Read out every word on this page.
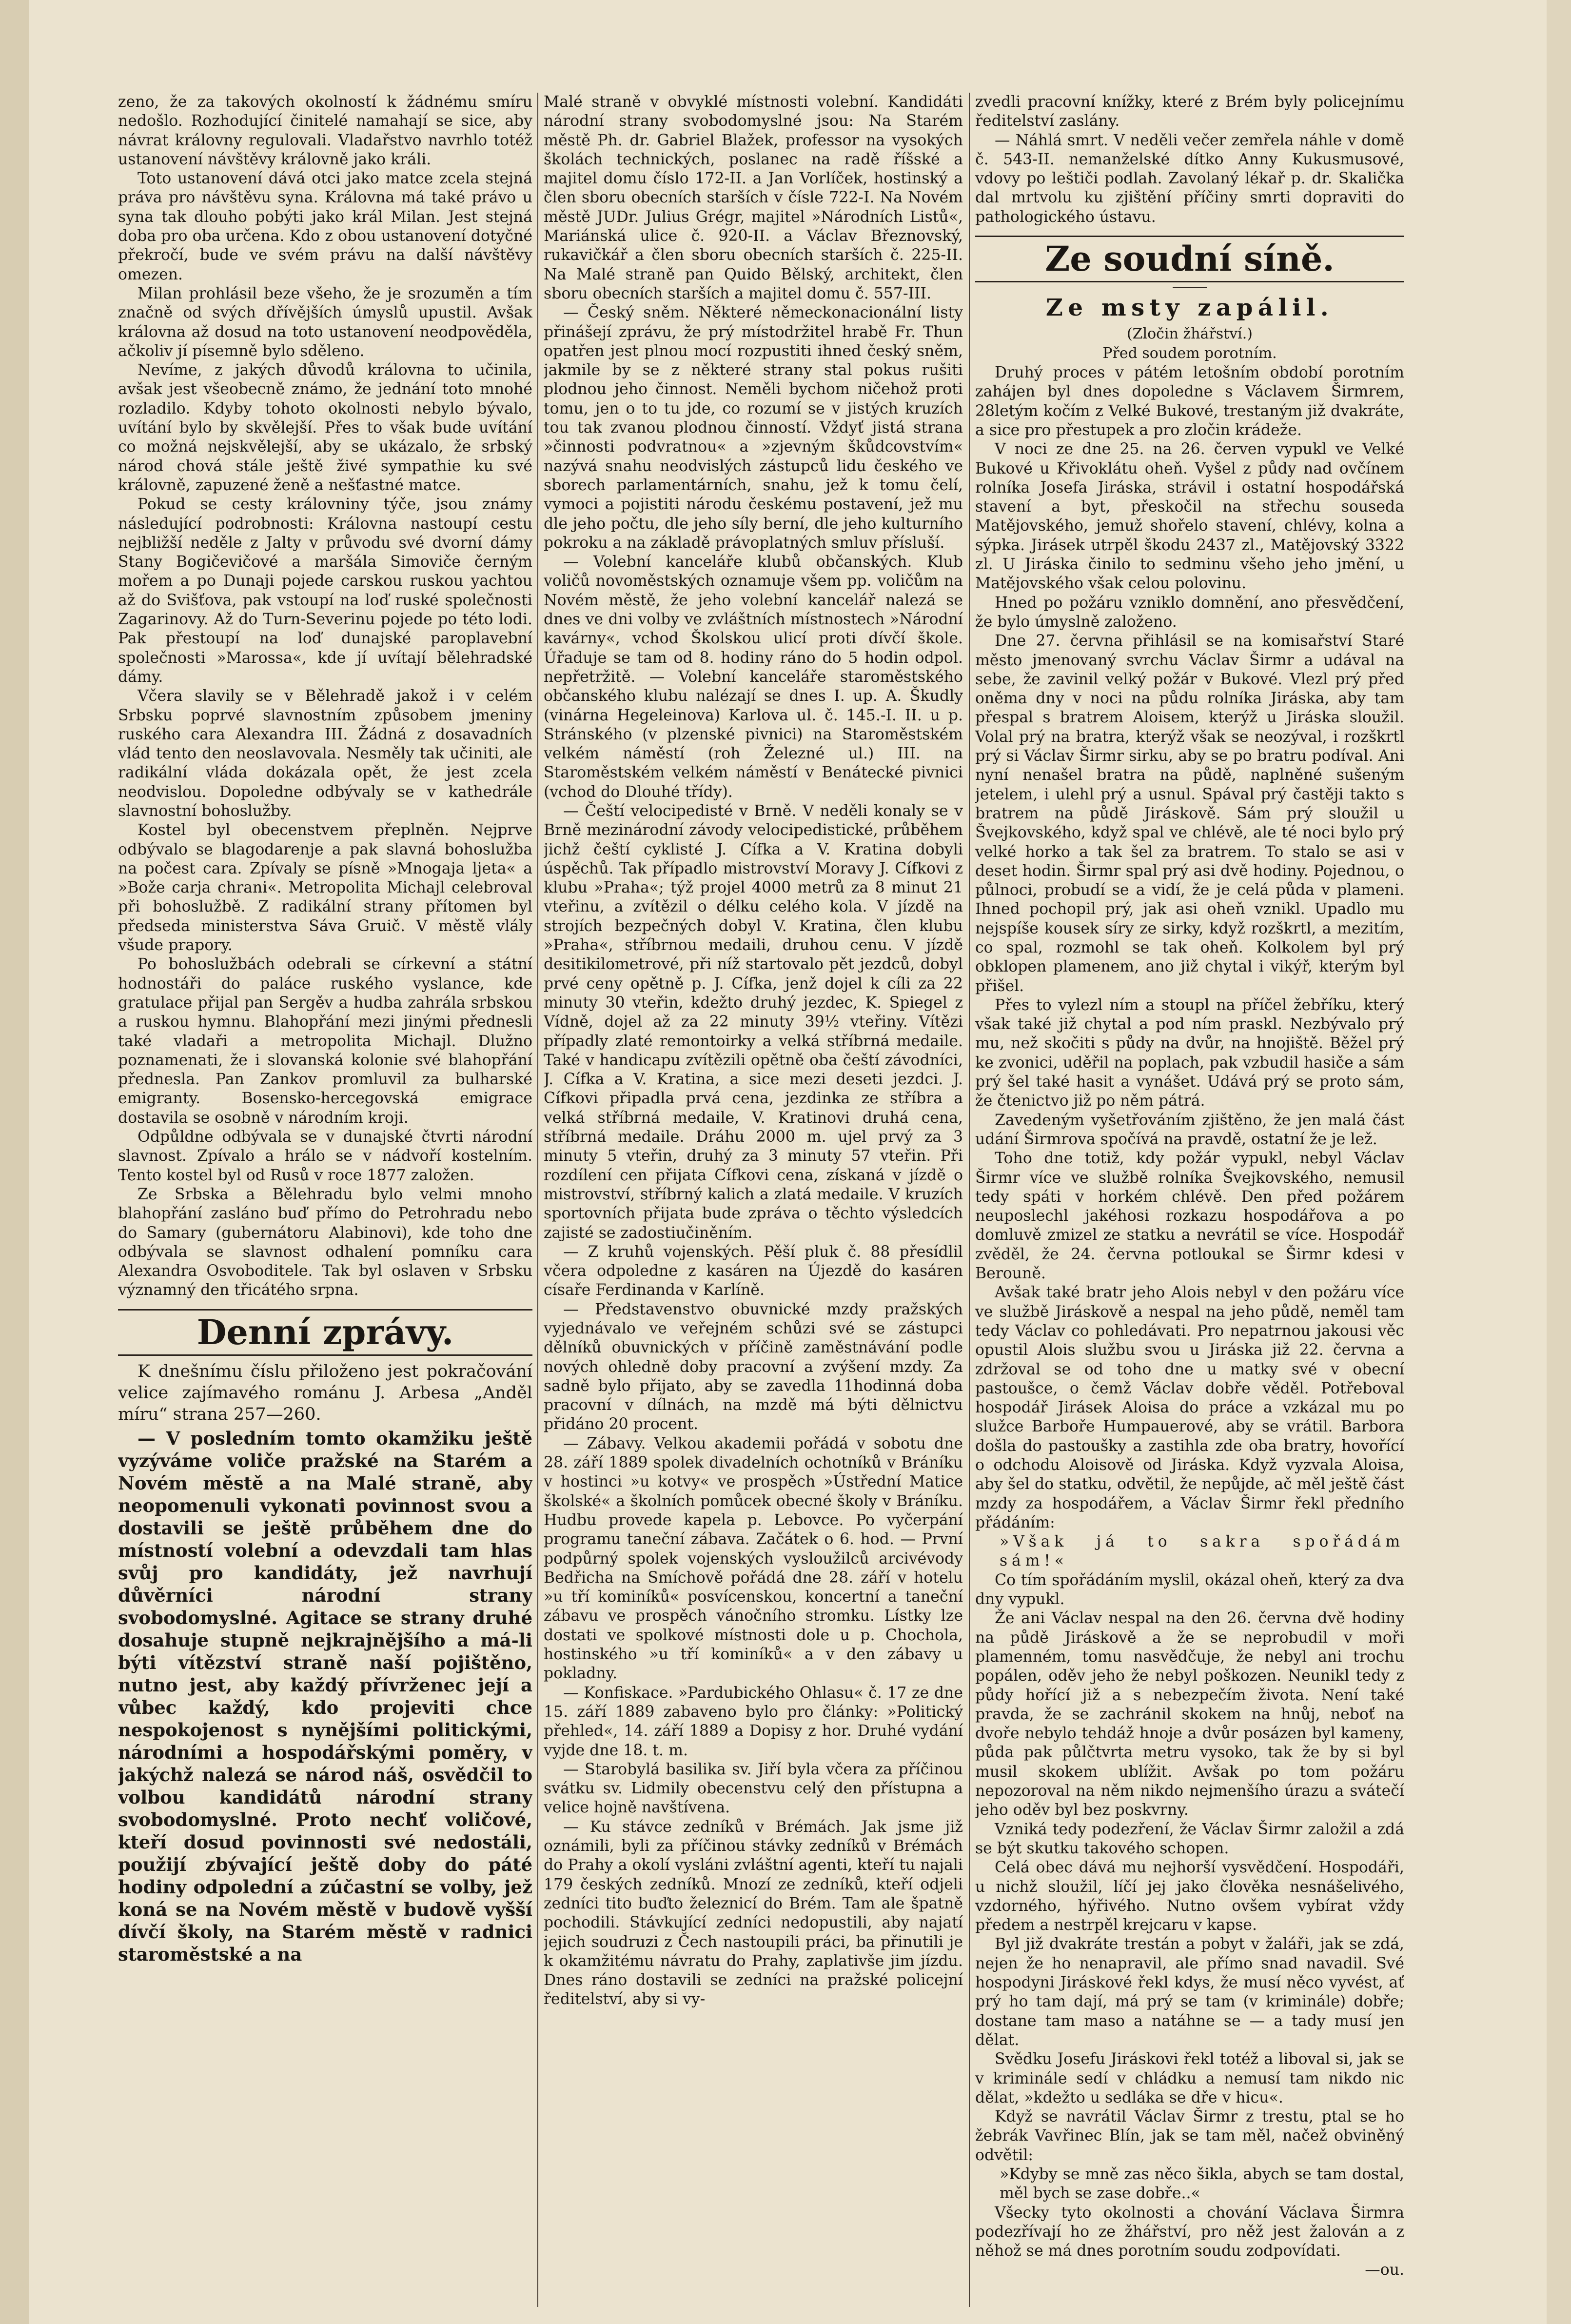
zeno, že za takových okolností k žádnému smíru nedošlo. Rozhodující činitelé namahají se sice, aby návrat královny regulovali. Vladařstvo navrhlo totéž ustanovení návštěvy královně jako králi.

Toto ustanovení dává otci jako matce zcela stejná práva pro návštěvu syna. Královna má také právo u syna tak dlouho pobýti jako král Milan. Jest stejná doba pro oba určena. Kdo z obou ustanovení dotyčné překročí, bude ve svém právu na další návštěvy omezen.

Milan prohlásil beze všeho, že je srozuměn a tím značně od svých dřívějších úmyslů upustil. Avšak královna až dosud na toto ustanovení neodpověděla, ačkoliv jí písemně bylo sděleno.

Nevíme, z jakých důvodů královna to učinila, avšak jest všeobecně známo, že jednání toto mnohé rozladilo. Kdyby tohoto okolnosti nebylo bývalo, uvítání bylo by skvělejší. Přes to však bude uvítání co možná nejskvělejší, aby se ukázalo, že srbský národ chová stále ještě živé sympathie ku své královně, zapuzené ženě a nešťastné matce.

Pokud se cesty královniny týče, jsou známy následující podrobnosti: Královna nastoupí cestu nejbližší neděle z Jalty v průvodu své dvorní dámy Stany Bogičevičové a maršála Simoviče černým mořem a po Dunaji pojede carskou ruskou yachtou až do Svišťova, pak vstoupí na loď ruské společnosti Zagarinovy. Až do Turn-Severinu pojede po této lodi. Pak přestoupí na loď dunajské paroplavební společnosti »Marossa«, kde jí uvítají bělehradské dámy.

Včera slavily se v Bělehradě jakož i v celém Srbsku poprvé slavnostním způsobem jmeniny ruského cara Alexandra III. Žádná z dosavadních vlád tento den neoslavovala. Nesměly tak učiniti, ale radikální vláda dokázala opět, že jest zcela neodvislou. Dopoledne odbývaly se v kathedrále slavnostní bohoslužby.

Kostel byl obecenstvem přeplněn. Nejprve odbývalo se blagodarenje a pak slavná bohoslužba na počest cara. Zpívaly se písně »Mnogaja ljeta« a »Bože carja chrani«. Metropolita Michajl celebroval při bohoslužbě. Z radikální strany přítomen byl předseda ministerstva Sáva Gruič. V městě vlály všude prapory.

Po bohoslužbách odebrali se církevní a státní hodnostáři do paláce ruského vyslance, kde gratulace přijal pan Sergěv a hudba zahrála srbskou a ruskou hymnu. Blahopřání mezi jinými přednesli také vladaři a metropolita Michajl. Dlužno poznamenati, že i slovanská kolonie své blahopřání přednesla. Pan Zankov promluvil za bulharské emigranty. Bosensko-hercegovská emigrace dostavila se osobně v národním kroji.

Odpůldne odbývala se v dunajské čtvrti národní slavnost. Zpívalo a hrálo se v nádvoří kostelním. Tento kostel byl od Rusů v roce 1877 založen.

Ze Srbska a Bělehradu bylo velmi mnoho blahopřání zasláno buď přímo do Petrohradu nebo do Samary (gubernátoru Alabinovi), kde toho dne odbývala se slavnost odhalení pomníku cara Alexandra Osvoboditele. Tak byl oslaven v Srbsku významný den třicátého srpna.

Denní zprávy.

K dnešnímu číslu přiloženo jest pokračování velice zajímavého románu J. Arbesa „Anděl míru“ strana 257—260.

— V posledním tomto okamžiku ještě vyzýváme voliče pražské na Starém a Novém městě a na Malé straně, aby neopomenuli vykonati povinnost svou a dostavili se ještě průběhem dne do místností volební a odevzdali tam hlas svůj pro kandidáty, jež navrhují důvěrníci národní strany svobodomyslné. Agitace se strany druhé dosahuje stupně nejkrajnějšího a má-li býti vítězství straně naší pojištěno, nutno jest, aby každý přívrženec její a vůbec každý, kdo projeviti chce nespokojenost s nynějšími politickými, národními a hospodářskými poměry, v jakýchž nalezá se národ náš, osvědčil to volbou kandidátů národní strany svobodomyslné. Proto nechť voličové, kteří dosud povinnosti své nedostáli, použijí zbývající ještě doby do páté hodiny odpolední a zúčastní se volby, jež koná se na Novém městě v budově vyšší dívčí školy, na Starém městě v radnici staroměstské a na

Malé straně v obvyklé místnosti volební. Kandidáti národní strany svobodomyslné jsou: Na Starém městě Ph. dr. Gabriel Blažek, professor na vysokých školách technických, poslanec na radě říšské a majitel domu číslo 172-II. a Jan Vorlíček, hostinský a člen sboru obecních starších v čísle 722-I. Na Novém městě JUDr. Julius Grégr, majitel »Národních Listů«, Mariánská ulice č. 920-II. a Václav Březnovský, rukavičkář a člen sboru obecních starších č. 225-II. Na Malé straně pan Quido Bělský, architekt, člen sboru obecních starších a majitel domu č. 557-III.

— Český sněm. Některé německonacionální listy přinášejí zprávu, že prý místodržitel hrabě Fr. Thun opatřen jest plnou mocí rozpustiti ihned český sněm, jakmile by se z některé strany stal pokus rušiti plodnou jeho činnost. Neměli bychom ničehož proti tomu, jen o to tu jde, co rozumí se v jistých kruzích tou tak zvanou plodnou činností. Vždyť jistá strana »činnosti podvratnou« a »zjevným škůdcovstvím« nazývá snahu neodvislých zástupců lidu českého ve sborech parlamentárních, snahu, jež k tomu čelí, vymoci a pojistiti národu českému postavení, jež mu dle jeho počtu, dle jeho síly berní, dle jeho kulturního pokroku a na základě právoplatných smluv přísluší.

— Volební kanceláře klubů občanských. Klub voličů novoměstských oznamuje všem pp. voličům na Novém městě, že jeho volební kancelář nalezá se dnes ve dni volby ve zvláštních místnostech »Národní kavárny«, vchod Školskou ulicí proti dívčí škole. Úřaduje se tam od 8. hodiny ráno do 5 hodin odpol. nepřetržitě. — Volební kanceláře staroměstského občanského klubu nalézají se dnes I. up. A. Škudly (vinárna Hegeleinova) Karlova ul. č. 145.-I. II. u p. Stránského (v plzenské pivnici) na Staroměstském velkém náměstí (roh Železné ul.) III. na Staroměstském velkém náměstí v Benátecké pivnici (vchod do Dlouhé třídy).

— Čeští velocipedisté v Brně. V neděli konaly se v Brně mezinárodní závody velocipedistické, průběhem jichž čeští cyklisté J. Cífka a V. Kratina dobyli úspěchů. Tak případlo mistrovství Moravy J. Cífkovi z klubu »Praha«; týž projel 4000 metrů za 8 minut 21 vteřinu, a zvítězil o délku celého kola. V jízdě na strojích bezpečných dobyl V. Kratina, člen klubu »Praha«, stříbrnou medaili, druhou cenu. V jízdě desitikilometrové, při níž startovalo pět jezdců, dobyl prvé ceny opětně p. J. Cífka, jenž dojel k cíli za 22 minuty 30 vteřin, kdežto druhý jezdec, K. Spiegel z Vídně, dojel až za 22 minuty 39½ vteřiny. Vítězi případly zlaté remontoirky a velká stříbrná medaile. Také v handicapu zvítězili opětně oba čeští závodníci, J. Cífka a V. Kratina, a sice mezi deseti jezdci. J. Cífkovi připadla prvá cena, jezdinka ze stříbra a velká stříbrná medaile, V. Kratinovi druhá cena, stříbrná medaile. Dráhu 2000 m. ujel prvý za 3 minuty 5 vteřin, druhý za 3 minuty 57 vteřin. Při rozdílení cen přijata Cífkovi cena, získaná v jízdě o mistrovství, stříbrný kalich a zlatá medaile. V kruzích sportovních přijata bude zpráva o těchto výsledcích zajisté se zadostiučiněním.

— Z kruhů vojenských. Pěší pluk č. 88 přesídlil včera odpoledne z kasáren na Újezdě do kasáren císaře Ferdinanda v Karlíně.

— Představenstvo obuvnické mzdy pražských vyjednávalo ve veřejném schůzi své se zástupci dělníků obuvnických v příčině zaměstnávání podle nových ohledně doby pracovní a zvýšení mzdy. Za sadně bylo přijato, aby se zavedla 11hodinná doba pracovní v dílnách, na mzdě má býti dělnictvu přidáno 20 procent.

— Zábavy. Velkou akademii pořádá v sobotu dne 28. září 1889 spolek divadelních ochotníků v Bráníku v hostinci »u kotvy« ve prospěch »Ústřední Matice školské« a školních pomůcek obecné školy v Bráníku. Hudbu provede kapela p. Lebovce. Po vyčerpání programu taneční zábava. Začátek o 6. hod. — První podpůrný spolek vojenských vysloužilců arcivévody Bedřicha na Smíchově pořádá dne 28. září v hotelu »u tří kominíků« posvícenskou, koncertní a taneční zábavu ve prospěch vánočního stromku. Lístky lze dostati ve spolkové místnosti dole u p. Chochola, hostinského »u tří kominíků« a v den zábavy u pokladny.

— Konfiskace. »Pardubického Ohlasu« č. 17 ze dne 15. září 1889 zabaveno bylo pro články: »Politický přehled«, 14. září 1889 a Dopisy z hor. Druhé vydání vyjde dne 18. t. m.

— Starobylá basilika sv. Jiří byla včera za příčinou svátku sv. Lidmily obecenstvu celý den přístupna a velice hojně navštívena.

— Ku stávce zedníků v Brémách. Jak jsme již oznámili, byli za příčinou stávky zedníků v Brémách do Prahy a okolí vysláni zvláštní agenti, kteří tu najali 179 českých zedníků. Mnozí ze zedníků, kteří odjeli zedníci tito buďto železnicí do Brém. Tam ale špatně pochodili. Stávkující zedníci nedopustili, aby najatí jejich soudruzi z Čech nastoupili práci, ba přinutili je k okamžitému návratu do Prahy, zaplativše jim jízdu. Dnes ráno dostavili se zedníci na pražské policejní ředitelství, aby si vy-

zvedli pracovní knížky, které z Brém byly policejnímu ředitelství zaslány.

— Náhlá smrt. V neděli večer zemřela náhle v domě č. 543-II. nemanželské dítko Anny Kukusmusové, vdovy po leštiči podlah. Zavolaný lékař p. dr. Skalička dal mrtvolu ku zjištění příčiny smrti dopraviti do pathologického ústavu.

Ze soudní síně.
Ze msty zapálil.

(Zločin žhářství.)

Před soudem porotním.

Druhý proces v pátém letošním období porotním zahájen byl dnes dopoledne s Václavem Širmrem, 28letým kočím z Velké Bukové, trestaným již dvakráte, a sice pro přestupek a pro zločin krádeže.

V noci ze dne 25. na 26. červen vypukl ve Velké Bukové u Křivoklátu oheň. Vyšel z půdy nad ovčínem rolníka Josefa Jiráska, strávil i ostatní hospodářská stavení a byt, přeskočil na střechu souseda Matějovského, jemuž shořelo stavení, chlévy, kolna a sýpka. Jirásek utrpěl škodu 2437 zl., Matějovský 3322 zl. U Jiráska činilo to sedminu všeho jeho jmění, u Matějovského však celou polovinu.

Hned po požáru vzniklo domnění, ano přesvědčení, že bylo úmyslně založeno.

Dne 27. června přihlásil se na komisařství Staré město jmenovaný svrchu Václav Širmr a udával na sebe, že zavinil velký požár v Bukové. Vlezl prý před oněma dny v noci na půdu rolníka Jiráska, aby tam přespal s bratrem Aloisem, kterýž u Jiráska sloužil. Volal prý na bratra, kterýž však se neozýval, i rozškrtl prý si Václav Širmr sirku, aby se po bratru podíval. Ani nyní nenašel bratra na půdě, naplněné sušeným jetelem, i ulehl prý a usnul. Spával prý častěji takto s bratrem na půdě Jiráskově. Sám prý sloužil u Švejkovského, když spal ve chlévě, ale té noci bylo prý velké horko a tak šel za bratrem. To stalo se asi v deset hodin. Širmr spal prý asi dvě hodiny. Pojednou, o půlnoci, probudí se a vidí, že je celá půda v plameni. Ihned pochopil prý, jak asi oheň vznikl. Upadlo mu nejspíše kousek síry ze sirky, když rozškrtl, a mezitím, co spal, rozmohl se tak oheň. Kolkolem byl prý obklopen plamenem, ano již chytal i vikýř, kterým byl přišel.

Přes to vylezl ním a stoupl na příčel žebříku, který však také již chytal a pod ním praskl. Nezbývalo prý mu, než skočiti s půdy na dvůr, na hnojiště. Běžel prý ke zvonici, uděřil na poplach, pak vzbudil hasiče a sám prý šel také hasit a vynášet. Udává prý se proto sám, že čtenictvo již po něm pátrá.

Zavedeným vyšetřováním zjištěno, že jen malá část udání Širmrova spočívá na pravdě, ostatní že je lež.

Toho dne totiž, kdy požár vypukl, nebyl Václav Širmr více ve službě rolníka Švejkovského, nemusil tedy spáti v horkém chlévě. Den před požárem neuposlechl jakéhosi rozkazu hospodářova a po domluvě zmizel ze statku a nevrátil se více. Hospodář zvěděl, že 24. června potloukal se Širmr kdesi v Berouně.

Avšak také bratr jeho Alois nebyl v den požáru více ve službě Jiráskově a nespal na jeho půdě, neměl tam tedy Václav co pohledávati. Pro nepatrnou jakousi věc opustil Alois službu svou u Jiráska již 22. června a zdržoval se od toho dne u matky své v obecní pastoušce, o čemž Václav dobře věděl. Potřeboval hospodář Jirásek Aloisa do práce a vzkázal mu po služce Barboře Humpauerové, aby se vrátil. Barbora došla do pastoušky a zastihla zde oba bratry, hovořící o odchodu Aloisově od Jiráska. Když vyzvala Aloisa, aby šel do statku, odvětil, že nepůjde, ač měl ještě část mzdy za hospodářem, a Václav Širmr řekl předního přádáním:

»Však já to sakra spořádám sám!«

Co tím spořádáním myslil, okázal oheň, který za dva dny vypukl.

Že ani Václav nespal na den 26. června dvě hodiny na půdě Jiráskově a že se neprobudil v moři plamenném, tomu nasvědčuje, že nebyl ani trochu popálen, oděv jeho že nebyl poškozen. Neunikl tedy z půdy hořící již a s nebezpečím života. Není také pravda, že se zachránil skokem na hnůj, neboť na dvoře nebylo tehdáž hnoje a dvůr posázen byl kameny, půda pak půlčtvrta metru vysoko, tak že by si byl musil skokem ublížit. Avšak po tom požáru nepozoroval na něm nikdo nejmenšího úrazu a svátečí jeho oděv byl bez poskvrny.

Vzniká tedy podezření, že Václav Širmr založil a zdá se být skutku takového schopen.

Celá obec dává mu nejhorší vysvědčení. Hospodáři, u nichž sloužil, líčí jej jako člověka nesnášelivého, vzdorného, hýřivého. Nutno ovšem vybírat vždy předem a nestrpěl krejcaru v kapse.

Byl již dvakráte trestán a pobyt v žaláři, jak se zdá, nejen že ho nenapravil, ale přímo snad navadil. Své hospodyni Jiráskové řekl kdys, že musí něco vyvést, ať prý ho tam dají, má prý se tam (v kriminále) dobře; dostane tam maso a natáhne se — a tady musí jen dělat.

Svědku Josefu Jiráskovi řekl totéž a liboval si, jak se v kriminále sedí v chládku a nemusí tam nikdo nic dělat, »kdežto u sedláka se dře v hicu«.

Když se navrátil Václav Širmr z trestu, ptal se ho žebrák Vavřinec Blín, jak se tam měl, načež obviněný odvětil:

»Kdyby se mně zas něco šikla, abych se tam dostal, měl bych se zase dobře..«

Všecky tyto okolnosti a chování Václava Širmra podezřívají ho ze žhářství, pro něž jest žalován a z něhož se má dnes porotním soudu zodpovídati.

—ou.
